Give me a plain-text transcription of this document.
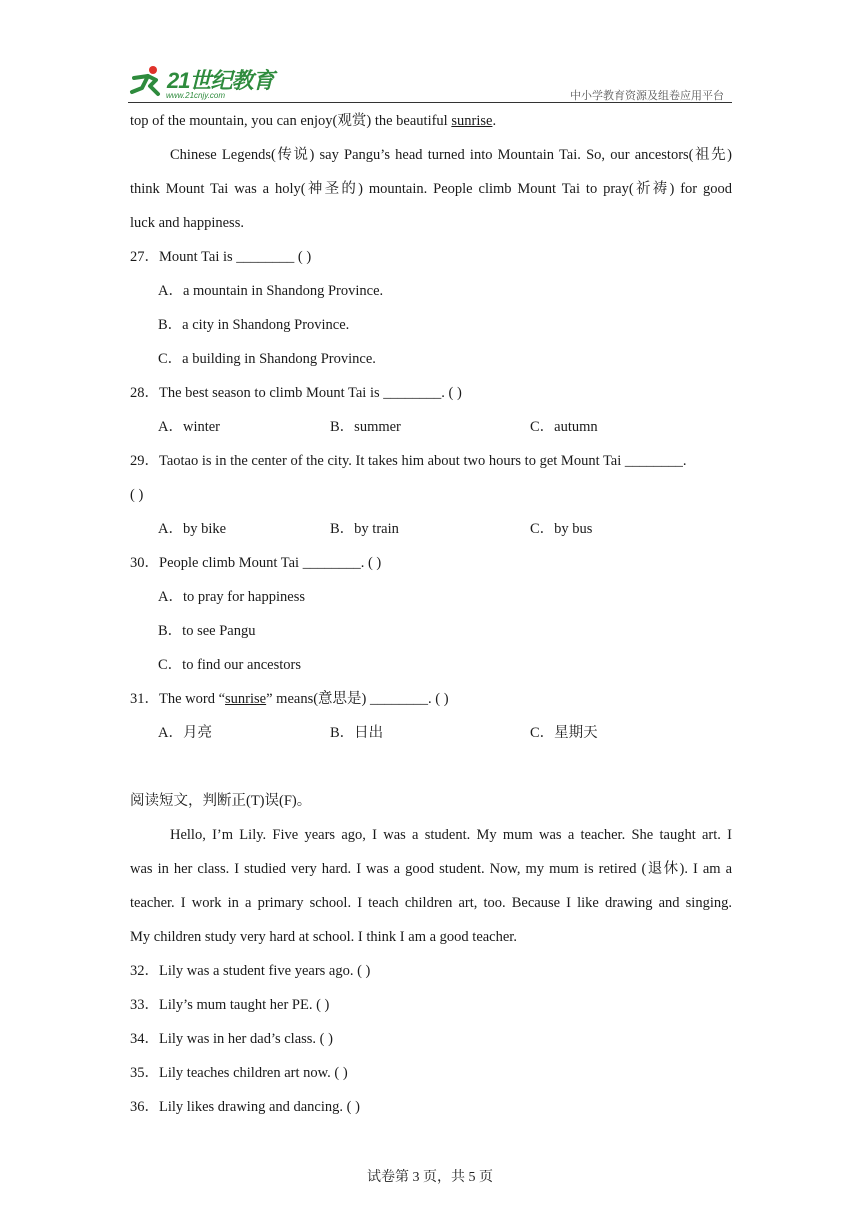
21世纪教育
www.21cnjy.com	中小学教育资源及组卷应用平台
top of the mountain, you can enjoy(观赏) the beautiful sunrise.
Chinese Legends(传说) say Pangu’s head turned into Mountain Tai. So, our ancestors(祖先)
think Mount Tai was a holy(神圣的) mountain. People climb Mount Tai to pray(祈祷) for good
luck and happiness.
27．Mount Tai is ________ ( )
A．a mountain in Shandong Province.
B．a city in Shandong Province.
C．a building in Shandong Province.
28．The best season to climb Mount Tai is ________. ( )
A．winter	B．summer	C．autumn
29．Taotao is in the center of the city. It takes him about two hours to get Mount Tai ________.
( )
A．by bike	B．by train	C．by bus
30．People climb Mount Tai ________. ( )
A．to pray for happiness
B．to see Pangu
C．to find our ancestors
31．The word “sunrise” means(意思是) ________. ( )
A．月亮	B．日出	C．星期天
阅读短文，判断正(T)误(F)。
Hello, I’m Lily. Five years ago, I was a student. My mum was a teacher. She taught art. I
was in her class. I studied very hard. I was a good student. Now, my mum is retired (退休). I am a
teacher. I work in a primary school. I teach children art, too. Because I like drawing and singing.
My children study very hard at school. I think I am a good teacher.
32．Lily was a student five years ago. ( )
33．Lily’s mum taught her PE. ( )
34．Lily was in her dad’s class. ( )
35．Lily teaches children art now. ( )
36．Lily likes drawing and dancing. ( )
试卷第 3 页，共 5 页
